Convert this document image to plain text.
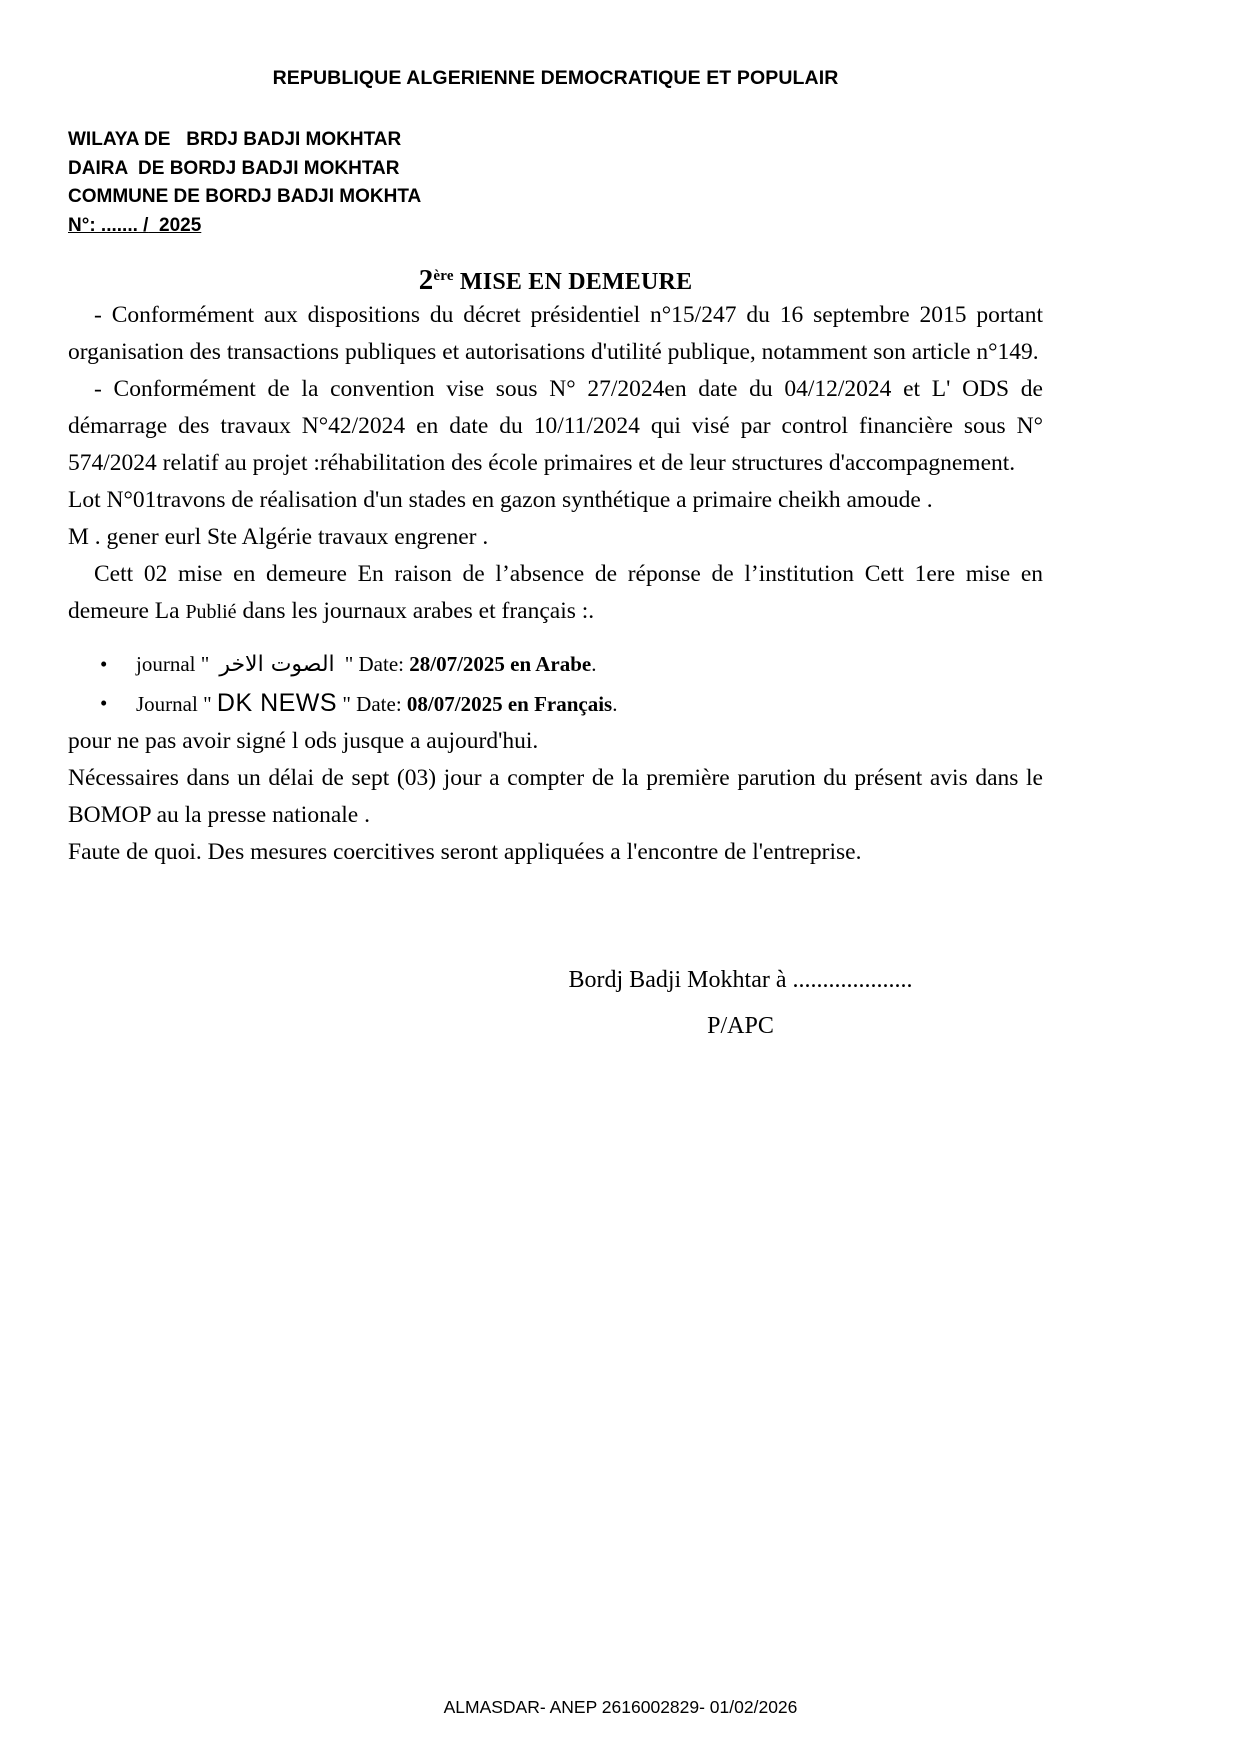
REPUBLIQUE ALGERIENNE DEMOCRATIQUE ET POPULAIR
WILAYA DE   BRDJ BADJI MOKHTAR
DAIRA  DE BORDJ BADJI MOKHTAR
COMMUNE DE BORDJ BADJI MOKHTA
N°: ....... / 2025
2ère MISE EN DEMEURE

- Conformément aux dispositions du décret présidentiel n°15/247 du 16 septembre 2015 portant organisation des transactions publiques et autorisations d'utilité publique, notamment son article n°149.

- Conformément de la convention vise sous N° 27/2024en date du 04/12/2024 et L' ODS de démarrage des travaux N°42/2024 en date du 10/11/2024 qui visé par control financière sous N° 574/2024 relatif au projet :réhabilitation des école primaires et de leur structures d'accompagnement.

Lot N°01travons de réalisation d'un stades en gazon synthétique a primaire cheikh amoude .

M . gener eurl Ste Algérie travaux engrener .

Cett 02 mise en demeure En raison de l’absence de réponse de l’institution Cett 1ere mise en demeure La Publié dans les journaux arabes et français :.

• journal " الصوت الاخر " Date: 28/07/2025 en Arabe.
• Journal " DK NEWS " Date: 08/07/2025 en Français.

pour ne pas avoir signé l ods jusque a aujourd'hui.

Nécessaires dans un délai de sept (03) jour a compter de la première parution du présent avis dans le BOMOP au la presse nationale .

Faute de quoi. Des mesures coercitives seront appliquées a l'encontre de l'entreprise.

Bordj Badji Mokhtar à ....................
P/APC
ALMASDAR- ANEP 2616002829- 01/02/2026
